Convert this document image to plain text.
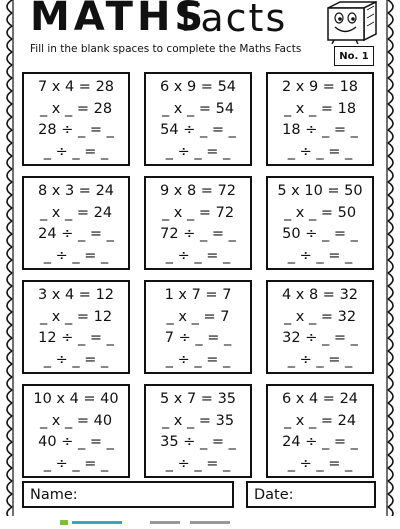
MATHS
Facts
Fill in the blank spaces to complete the Maths Facts
No. 1
7 x 4 = 28
_ x _ = 28
28 ÷ _ = _
_ ÷ _ = _
6 x 9 = 54
_ x _ = 54
54 ÷ _ = _
_ ÷ _ = _
2 x 9 = 18
_ x _ = 18
18 ÷ _ = _
_ ÷ _ = _
8 x 3 = 24
_ x _ = 24
24 ÷ _ = _
_ ÷ _ = _
9 x 8 = 72
_ x _ = 72
72 ÷ _ = _
_ ÷ _ = _
5 x 10 = 50
_ x _ = 50
50 ÷ _ = _
_ ÷ _ = _
3 x 4 = 12
_ x _ = 12
12 ÷ _ = _
_ ÷ _ = _
1 x 7 = 7
_ x _ = 7
7 ÷ _ = _
_ ÷ _ = _
4 x 8 = 32
_ x _ = 32
32 ÷ _ = _
_ ÷ _ = _
10 x 4 = 40
_ x _ = 40
40 ÷ _ = _
_ ÷ _ = _
5 x 7 = 35
_ x _ = 35
35 ÷ _ = _
_ ÷ _ = _
6 x 4 = 24
_ x _ = 24
24 ÷ _ = _
_ ÷ _ = _
Name:	Date:
